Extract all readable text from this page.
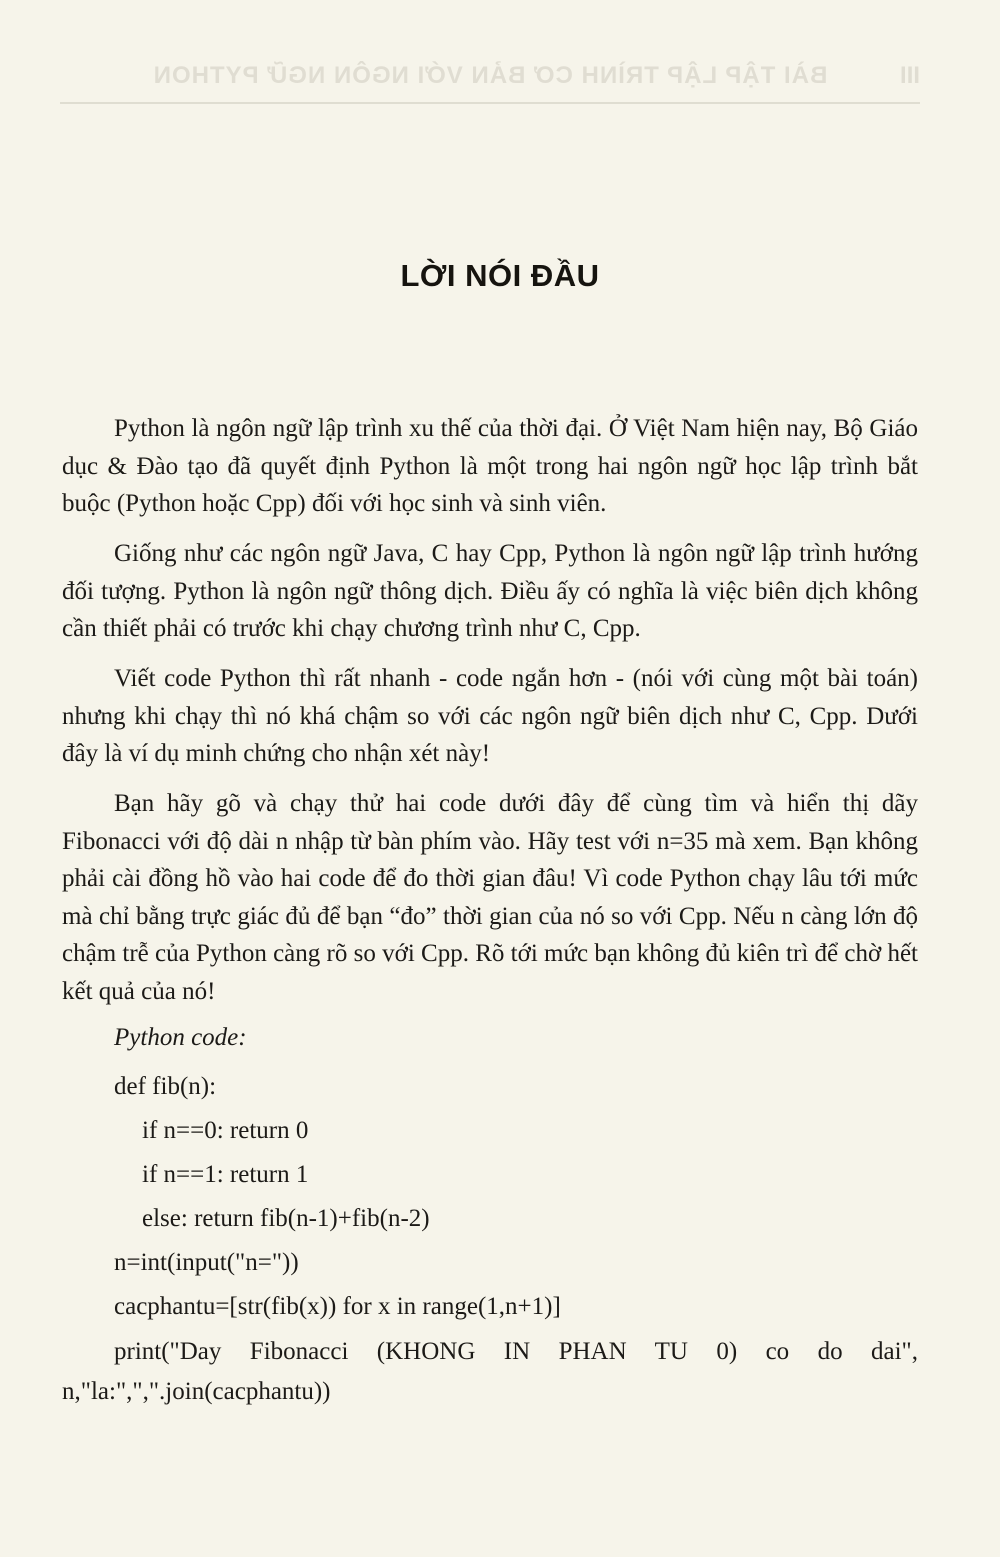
BÀI TẬP LẬP TRÌNH CƠ BẢN VỚI NGÔN NGỮ PYTHON	III
LỜI NÓI ĐẦU

Python là ngôn ngữ lập trình xu thế của thời đại. Ở Việt Nam hiện nay, Bộ Giáo dục & Đào tạo đã quyết định Python là một trong hai ngôn ngữ học lập trình bắt buộc (Python hoặc Cpp) đối với học sinh và sinh viên.

Giống như các ngôn ngữ Java, C hay Cpp, Python là ngôn ngữ lập trình hướng đối tượng. Python là ngôn ngữ thông dịch. Điều ấy có nghĩa là việc biên dịch không cần thiết phải có trước khi chạy chương trình như C, Cpp.

Viết code Python thì rất nhanh - code ngắn hơn - (nói với cùng một bài toán) nhưng khi chạy thì nó khá chậm so với các ngôn ngữ biên dịch như C, Cpp. Dưới đây là ví dụ minh chứng cho nhận xét này!

Bạn hãy gõ và chạy thử hai code dưới đây để cùng tìm và hiển thị dãy Fibonacci với độ dài n nhập từ bàn phím vào. Hãy test với n=35 mà xem. Bạn không phải cài đồng hồ vào hai code để đo thời gian đâu! Vì code Python chạy lâu tới mức mà chỉ bằng trực giác đủ để bạn “đo” thời gian của nó so với Cpp. Nếu n càng lớn độ chậm trễ của Python càng rõ so với Cpp. Rõ tới mức bạn không đủ kiên trì để chờ hết kết quả của nó!

Python code:

def fib(n):

if n==0: return 0

if n==1: return 1

else: return fib(n-1)+fib(n-2)

n=int(input("n="))

cacphantu=[str(fib(x)) for x in range(1,n+1)]

print("Day Fibonacci (KHONG IN PHAN TU 0) co do dai", n,"la:",",".join(cacphantu))
